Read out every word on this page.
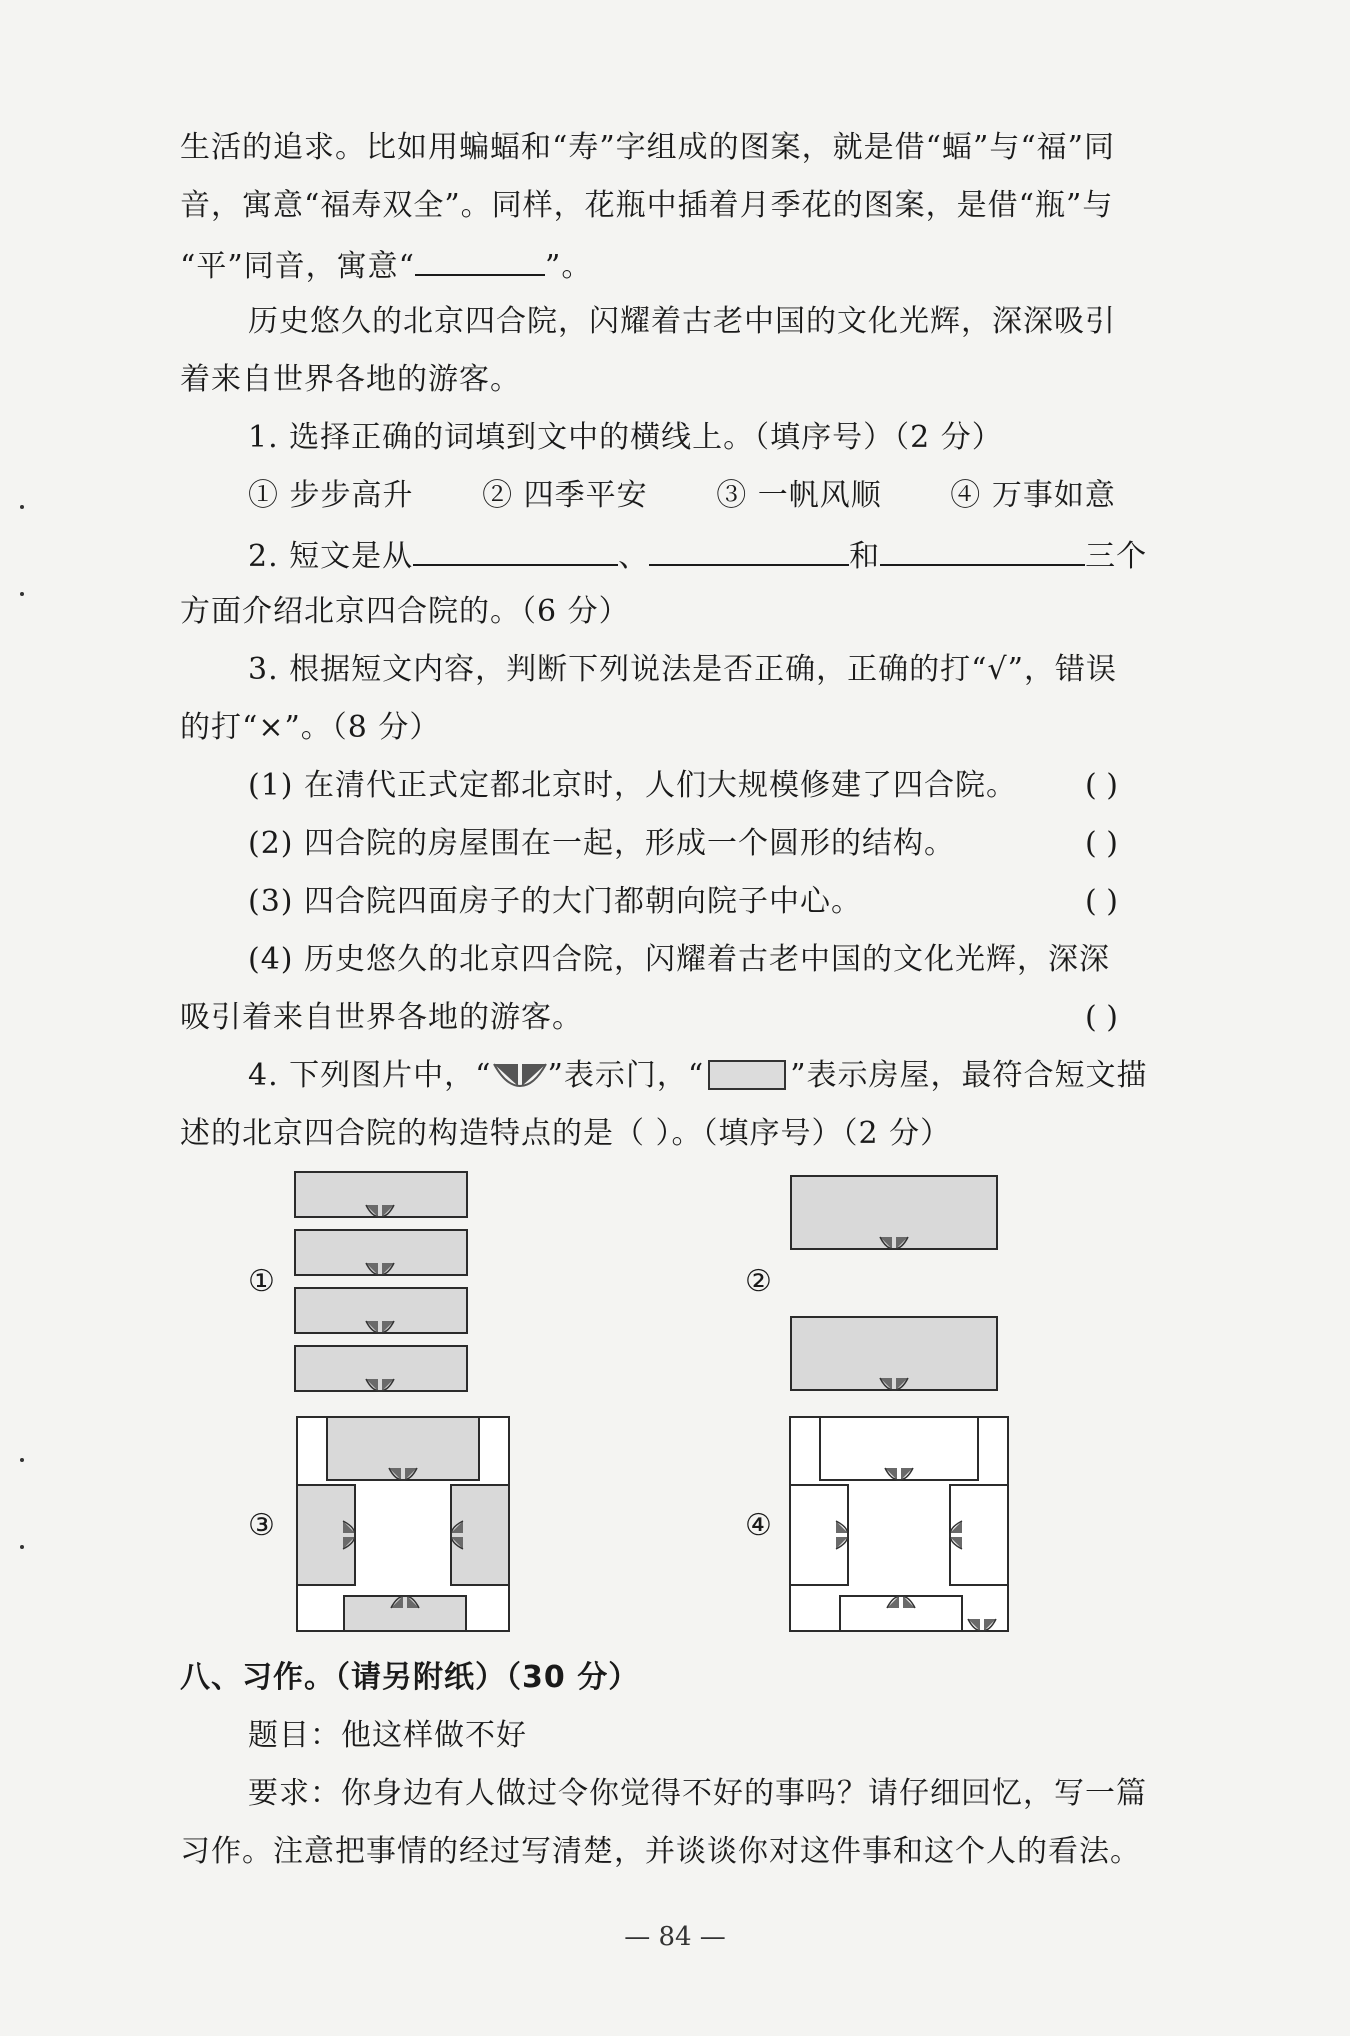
生活的追求。比如用蝙蝠和“寿”字组成的图案，就是借“蝠”与“福”同
音，寓意“福寿双全”。同样，花瓶中插着月季花的图案，是借“瓶”与
“平”同音，寓意“	”。
历史悠久的北京四合院，闪耀着古老中国的文化光辉，深深吸引
着来自世界各地的游客。
1. 选择正确的词填到文中的横线上。（填序号）（2 分）
① 步步高升 ② 四季平安 ③ 一帆风顺 ④ 万事如意
2. 短文是从	、	和	三个
方面介绍北京四合院的。（6 分）
3. 根据短文内容，判断下列说法是否正确，正确的打“√”，错误
的打“×”。（8 分）
(1) 在清代正式定都北京时，人们大规模修建了四合院。 ( )
(2) 四合院的房屋围在一起，形成一个圆形的结构。	( )
(3) 四合院四面房子的大门都朝向院子中心。	( )
(4) 历史悠久的北京四合院，闪耀着古老中国的文化光辉，深深
吸引着来自世界各地的游客。	( )
4. 下列图片中，“ ”表示门，“	”表示房屋，最符合短文描
述的北京四合院的构造特点的是（ ）。（填序号）（2 分）
①	②
③	④
八、习作。（请另附纸）（30 分）
题目：他这样做不好
要求：你身边有人做过令你觉得不好的事吗？请仔细回忆，写一篇
习作。注意把事情的经过写清楚，并谈谈你对这件事和这个人的看法。
— 84 —
